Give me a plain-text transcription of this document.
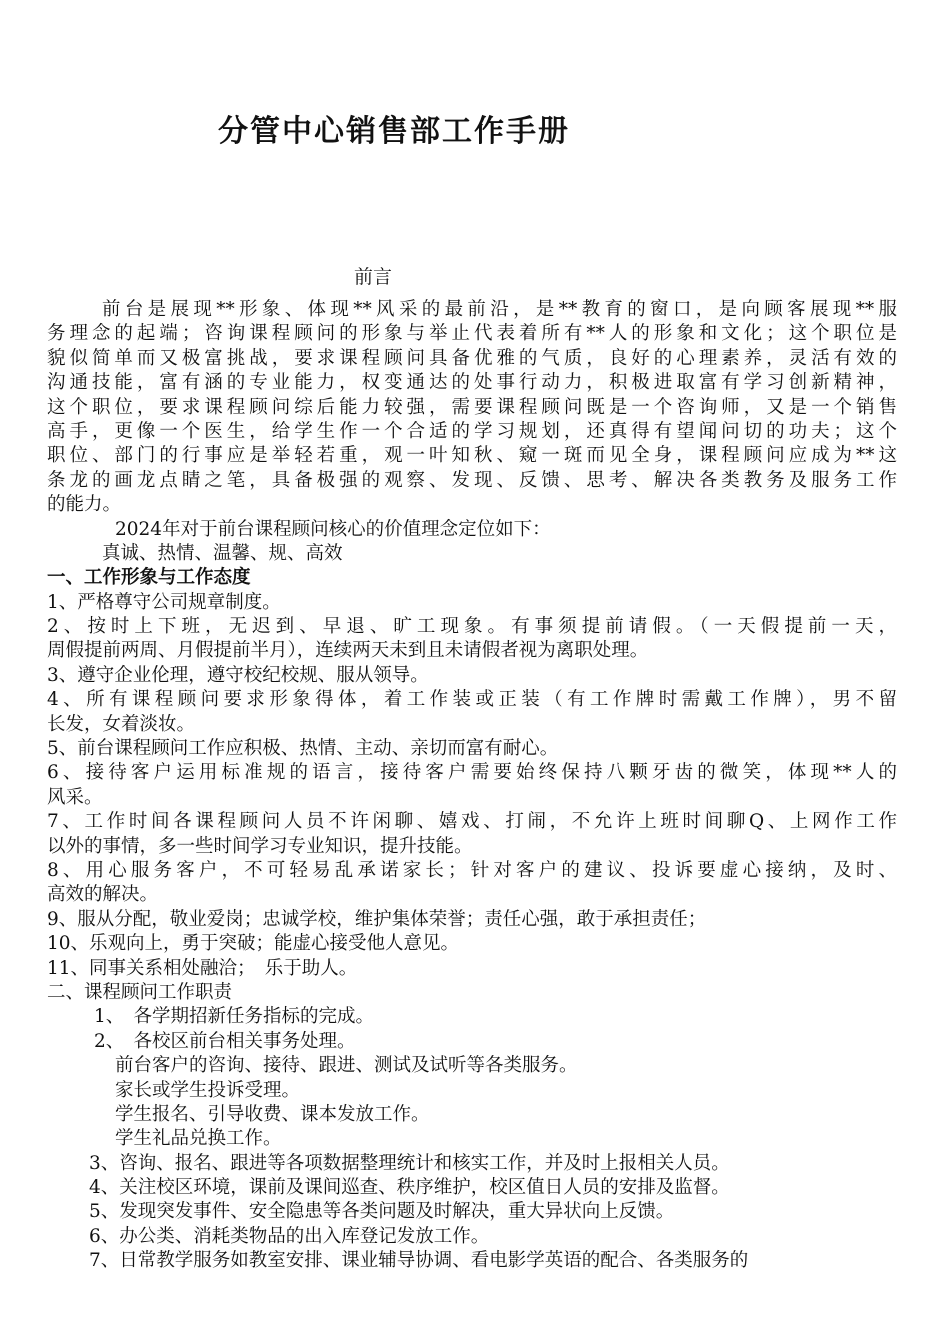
分管中心销售部工作手册
前言
前台是展现**形象、体现**风采的最前沿，是**教育的窗口，是向顾客展现**服
务理念的起端；咨询课程顾问的形象与举止代表着所有**人的形象和文化；这个职位是
貌似简单而又极富挑战，要求课程顾问具备优雅的气质，良好的心理素养，灵活有效的
沟通技能，富有涵的专业能力，权变通达的处事行动力，积极进取富有学习创新精神，
这个职位，要求课程顾问综后能力较强，需要课程顾问既是一个咨询师，又是一个销售
高手，更像一个医生，给学生作一个合适的学习规划，还真得有望闻问切的功夫；这个
职位、部门的行事应是举轻若重，观一叶知秋、窥一斑而见全身，课程顾问应成为**这
条龙的画龙点睛之笔，具备极强的观察、发现、反馈、思考、解决各类教务及服务工作
的能力。
2024年对于前台课程顾问核心的价值理念定位如下：
真诚、热情、温馨、规、高效
一、工作形象与工作态度
1、严格尊守公司规章制度。
2、按时上下班，无迟到、早退、旷工现象。有事须提前请假。（一天假提前一天，
周假提前两周、月假提前半月），连续两天未到且未请假者视为离职处理。
3、遵守企业伦理，遵守校纪校规、服从领导。
4、所有课程顾问要求形象得体，着工作装或正装（有工作牌时需戴工作牌），男不留
长发，女着淡妆。
5、前台课程顾问工作应积极、热情、主动、亲切而富有耐心。
6、接待客户运用标准规的语言，接待客户需要始终保持八颗牙齿的微笑，体现**人的
风采。
7、工作时间各课程顾问人员不许闲聊、嬉戏、打闹，不允许上班时间聊Q、上网作工作
以外的事情，多一些时间学习专业知识，提升技能。
8、用心服务客户，不可轻易乱承诺家长；针对客户的建议、投诉要虚心接纳，及时、
高效的解决。
9、服从分配，敬业爱岗；忠诚学校，维护集体荣誉；责任心强，敢于承担责任；
10、乐观向上，勇于突破；能虚心接受他人意见。
11、同事关系相处融洽；　乐于助人。
二、课程顾问工作职责
1、　各学期招新任务指标的完成。
2、　各校区前台相关事务处理。
前台客户的咨询、接待、跟进、测试及试听等各类服务。
家长或学生投诉受理。
学生报名、引导收费、课本发放工作。
学生礼品兑换工作。
3、咨询、报名、跟进等各项数据整理统计和核实工作，并及时上报相关人员。
4、关注校区环境，课前及课间巡查、秩序维护，校区值日人员的安排及监督。
5、发现突发事件、安全隐患等各类问题及时解决，重大异状向上反馈。
6、办公类、消耗类物品的出入库登记发放工作。
7、日常教学服务如教室安排、课业辅导协调、看电影学英语的配合、各类服务的
